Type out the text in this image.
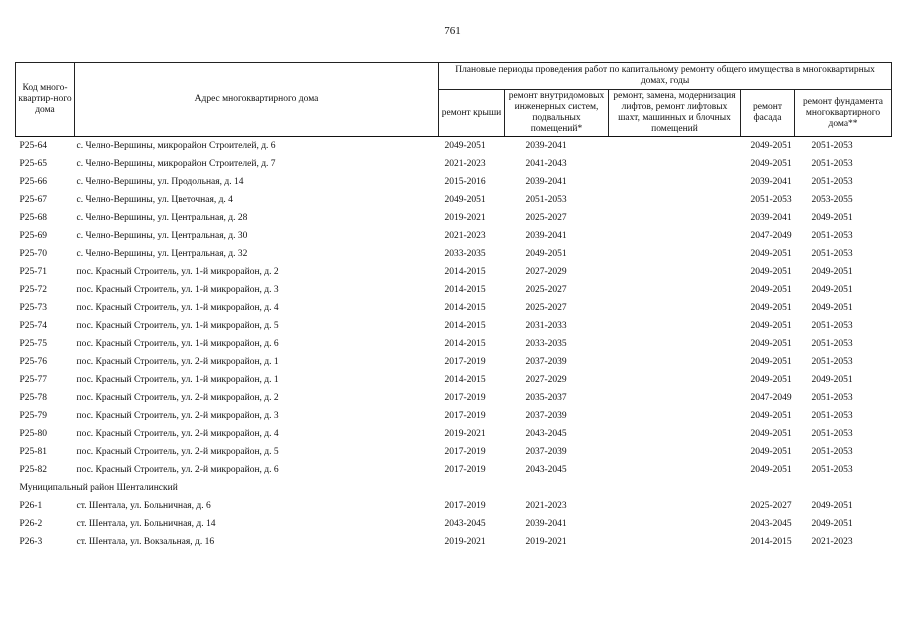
761
Код много-квартир-ного дома	Адрес многоквартирного дома	Плановые периоды проведения работ по капитальному ремонту общего имущества в многоквартирных домах, годы				
		ремонт крыши	ремонт внутридомовых инженерных систем, подвальных помещений*	ремонт, замена, модернизация лифтов, ремонт лифтовых шахт, машинных и блочных помещений	ремонт фасада	ремонт фундамента многоквартирного дома**
Р25-64	с. Челно-Вершины, микрорайон Строителей, д. 6	2049-2051	2039-2041		2049-2051	2051-2053
Р25-65	с. Челно-Вершины, микрорайон Строителей, д. 7	2021-2023	2041-2043		2049-2051	2051-2053
Р25-66	с. Челно-Вершины, ул. Продольная, д. 14	2015-2016	2039-2041		2039-2041	2051-2053
Р25-67	с. Челно-Вершины, ул. Цветочная, д. 4	2049-2051	2051-2053		2051-2053	2053-2055
Р25-68	с. Челно-Вершины, ул. Центральная, д. 28	2019-2021	2025-2027		2039-2041	2049-2051
Р25-69	с. Челно-Вершины, ул. Центральная, д. 30	2021-2023	2039-2041		2047-2049	2051-2053
Р25-70	с. Челно-Вершины, ул. Центральная, д. 32	2033-2035	2049-2051		2049-2051	2051-2053
Р25-71	пос. Красный Строитель, ул. 1-й микрорайон, д. 2	2014-2015	2027-2029		2049-2051	2049-2051
Р25-72	пос. Красный Строитель, ул. 1-й микрорайон, д. 3	2014-2015	2025-2027		2049-2051	2049-2051
Р25-73	пос. Красный Строитель, ул. 1-й микрорайон, д. 4	2014-2015	2025-2027		2049-2051	2049-2051
Р25-74	пос. Красный Строитель, ул. 1-й микрорайон, д. 5	2014-2015	2031-2033		2049-2051	2051-2053
Р25-75	пос. Красный Строитель, ул. 1-й микрорайон, д. 6	2014-2015	2033-2035		2049-2051	2051-2053
Р25-76	пос. Красный Строитель, ул. 2-й микрорайон, д. 1	2017-2019	2037-2039		2049-2051	2051-2053
Р25-77	пос. Красный Строитель, ул. 1-й микрорайон, д. 1	2014-2015	2027-2029		2049-2051	2049-2051
Р25-78	пос. Красный Строитель, ул. 2-й микрорайон, д. 2	2017-2019	2035-2037		2047-2049	2051-2053
Р25-79	пос. Красный Строитель, ул. 2-й микрорайон, д. 3	2017-2019	2037-2039		2049-2051	2051-2053
Р25-80	пос. Красный Строитель, ул. 2-й микрорайон, д. 4	2019-2021	2043-2045		2049-2051	2051-2053
Р25-81	пос. Красный Строитель, ул. 2-й микрорайон, д. 5	2017-2019	2037-2039		2049-2051	2051-2053
Р25-82	пос. Красный Строитель, ул. 2-й микрорайон, д. 6	2017-2019	2043-2045		2049-2051	2051-2053
Муниципальный район Шенталинский						
Р26-1	ст. Шентала, ул. Больничная, д. 6	2017-2019	2021-2023		2025-2027	2049-2051
Р26-2	ст. Шентала, ул. Больничная, д. 14	2043-2045	2039-2041		2043-2045	2049-2051
Р26-3	ст. Шентала, ул. Вокзальная, д. 16	2019-2021	2019-2021		2014-2015	2021-2023
